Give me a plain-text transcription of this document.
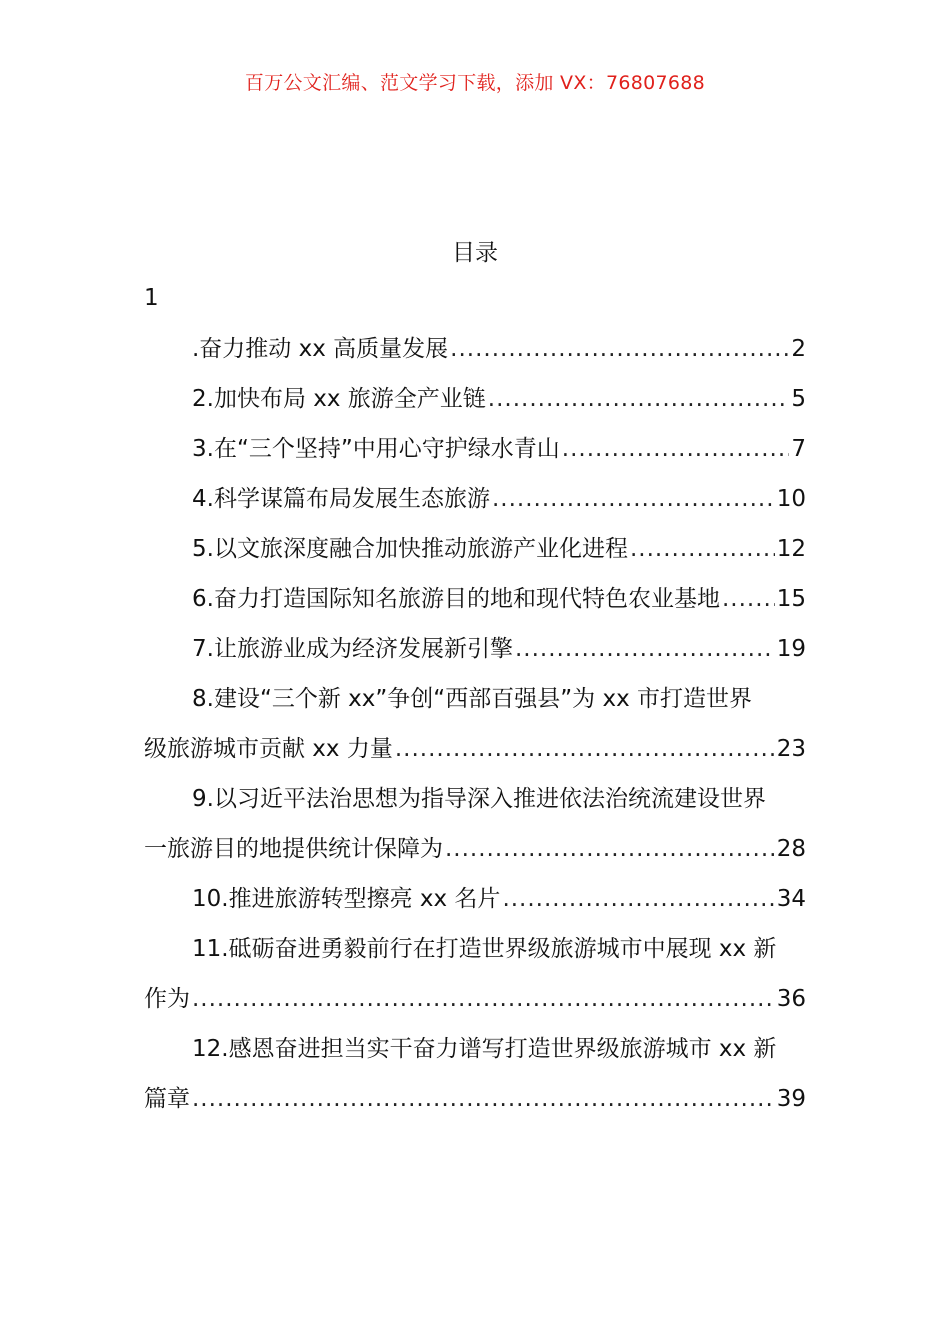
百万公文汇编、范文学习下载，添加 VX：76807688
目录
1
.奋力推动 xx 高质量发展 .....	2
2.加快布局 xx 旅游全产业链 .....	5
3.在“三个坚持”中用心守护绿水青山 .....	7
4.科学谋篇布局发展生态旅游 .....	10
5.以文旅深度融合加快推动旅游产业化进程 .....	12
6.奋力打造国际知名旅游目的地和现代特色农业基地 ..... 15
7.让旅游业成为经济发展新引擎 .....	19
8.建设“三个新 xx”争创“西部百强县”为 xx 市打造世界
级旅游城市贡献 xx 力量 .....	23
9.以习近平法治思想为指导深入推进依法治统流建设世界
一旅游目的地提供统计保障为 .....	28
10.推进旅游转型擦亮 xx 名片 .....	34
11.砥砺奋进勇毅前行在打造世界级旅游城市中展现 xx 新
作为 .....	36
12.感恩奋进担当实干奋力谱写打造世界级旅游城市 xx 新
篇章 .....	39
